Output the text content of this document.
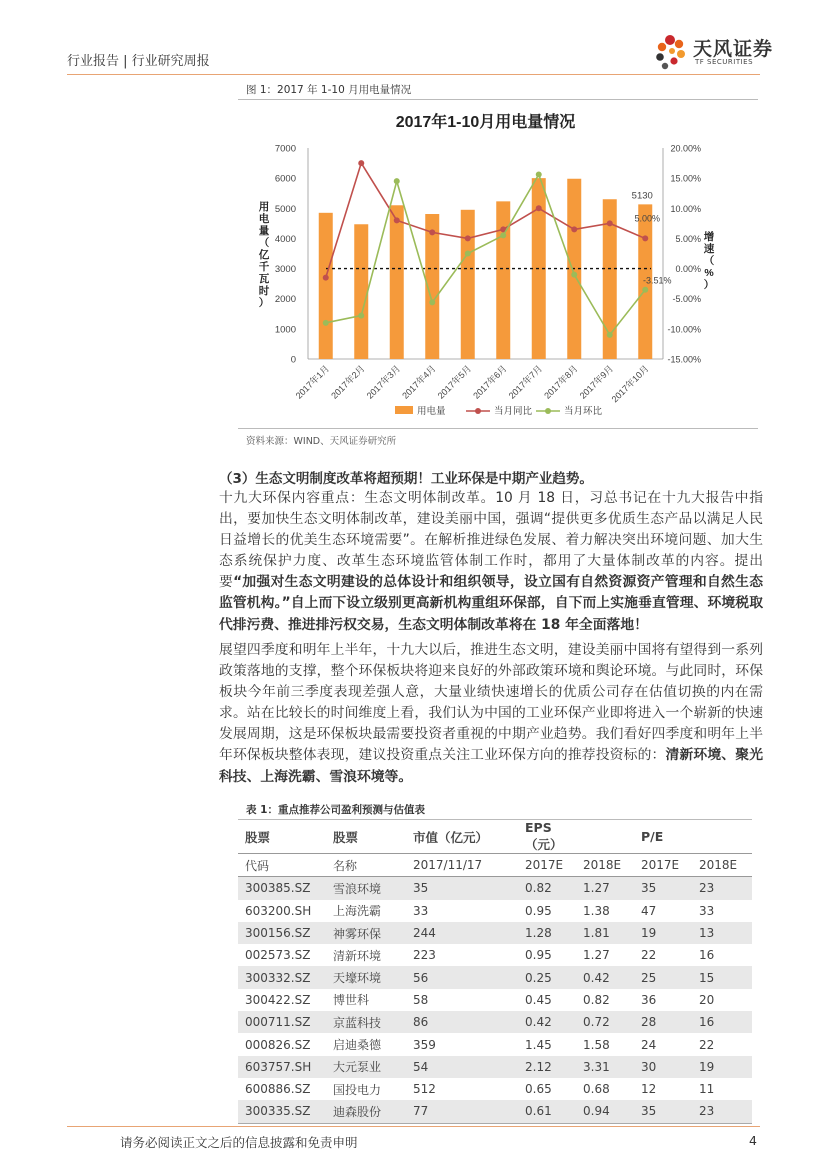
行业报告 | 行业研究周报
天风证券
TF SECURITIES
图 1：2017 年 1-10 月用电量情况
2017年1-10月用电量情况
0
1000
2000
3000
4000
5000
6000
7000
-15.00%
-10.00%
-5.00%
0.00%
5.00%
10.00%
15.00%
20.00%
用电量（亿千瓦时）
增速（%）
5130
5.00%
-3.51%
2017年1月
2017年2月
2017年3月
2017年4月
2017年5月
2017年6月
2017年7月
2017年8月
2017年9月
2017年10月
用电量	当月同比	当月环比
资料来源：WIND、天风证券研究所
（3）生态文明制度改革将超预期！工业环保是中期产业趋势。
十九大环保内容重点：生态文明体制改革。10 月 18 日，习总书记在十九大报告中指出，要加快生态文明体制改革，建设美丽中国，强调“提供更多优质生态产品以满足人民日益增长的优美生态环境需要”。在解析推进绿色发展、着力解决突出环境问题、加大生态系统保护力度、改革生态环境监管体制工作时，都用了大量体制改革的内容。提出要“加强对生态文明建设的总体设计和组织领导，设立国有自然资源资产管理和自然生态监管机构。”自上而下设立级别更高新机构重组环保部，自下而上实施垂直管理、环境税取代排污费、推进排污权交易，生态文明体制改革将在 18 年全面落地！
展望四季度和明年上半年，十九大以后，推进生态文明，建设美丽中国将有望得到一系列政策落地的支撑，整个环保板块将迎来良好的外部政策环境和舆论环境。与此同时，环保板块今年前三季度表现差强人意，大量业绩快速增长的优质公司存在估值切换的内在需求。站在比较长的时间维度上看，我们认为中国的工业环保产业即将进入一个崭新的快速发展周期，这是环保板块最需要投资者重视的中期产业趋势。我们看好四季度和明年上半年环保板块整体表现，建议投资重点关注工业环保方向的推荐投资标的：清新环境、聚光科技、上海洗霸、雪浪环境等。
表 1：重点推荐公司盈利预测与估值表
股票	股票	市值（亿元）	EPS（元）		P/E	
代码	名称	2017/11/17	2017E	2018E	2017E	2018E
300385.SZ	雪浪环境	35	0.82	1.27	35	23
603200.SH	上海洗霸	33	0.95	1.38	47	33
300156.SZ	神雾环保	244	1.28	1.81	19	13
002573.SZ	清新环境	223	0.95	1.27	22	16
300332.SZ	天壕环境	56	0.25	0.42	25	15
300422.SZ	博世科	58	0.45	0.82	36	20
000711.SZ	京蓝科技	86	0.42	0.72	28	16
000826.SZ	启迪桑德	359	1.45	1.58	24	22
603757.SH	大元泵业	54	2.12	3.31	30	19
600886.SZ	国投电力	512	0.65	0.68	12	11
300335.SZ	迪森股份	77	0.61	0.94	35	23
请务必阅读正文之后的信息披露和免责申明	4
